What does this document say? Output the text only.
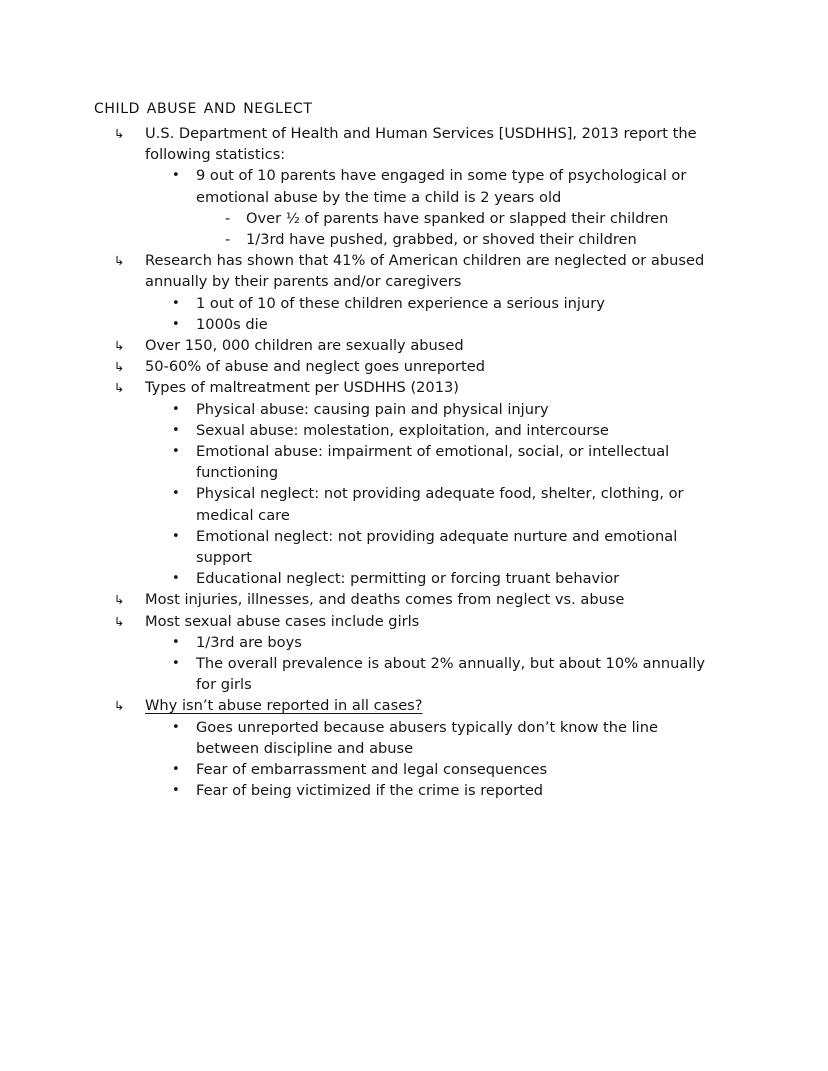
child abuse and neglect
↳ U.S. Department of Health and Human Services [USDHHS], 2013 report the following statistics:
• 9 out of 10 parents have engaged in some type of psychological or emotional abuse by the time a child is 2 years old
- Over ½ of parents have spanked or slapped their children
- 1/3rd have pushed, grabbed, or shoved their children
↳ Research has shown that 41% of American children are neglected or abused annually by their parents and/or caregivers
• 1 out of 10 of these children experience a serious injury
• 1000s die
↳ Over 150, 000 children are sexually abused
↳ 50-60% of abuse and neglect goes unreported
↳ Types of maltreatment per USDHHS (2013)
• Physical abuse: causing pain and physical injury
• Sexual abuse: molestation, exploitation, and intercourse
• Emotional abuse: impairment of emotional, social, or intellectual functioning
• Physical neglect: not providing adequate food, shelter, clothing, or medical care
• Emotional neglect: not providing adequate nurture and emotional support
• Educational neglect: permitting or forcing truant behavior
↳ Most injuries, illnesses, and deaths comes from neglect vs. abuse
↳ Most sexual abuse cases include girls
• 1/3rd are boys
• The overall prevalence is about 2% annually, but about 10% annually for girls
↳ Why isn’t abuse reported in all cases?
• Goes unreported because abusers typically don’t know the line between discipline and abuse
• Fear of embarrassment and legal consequences
• Fear of being victimized if the crime is reported
